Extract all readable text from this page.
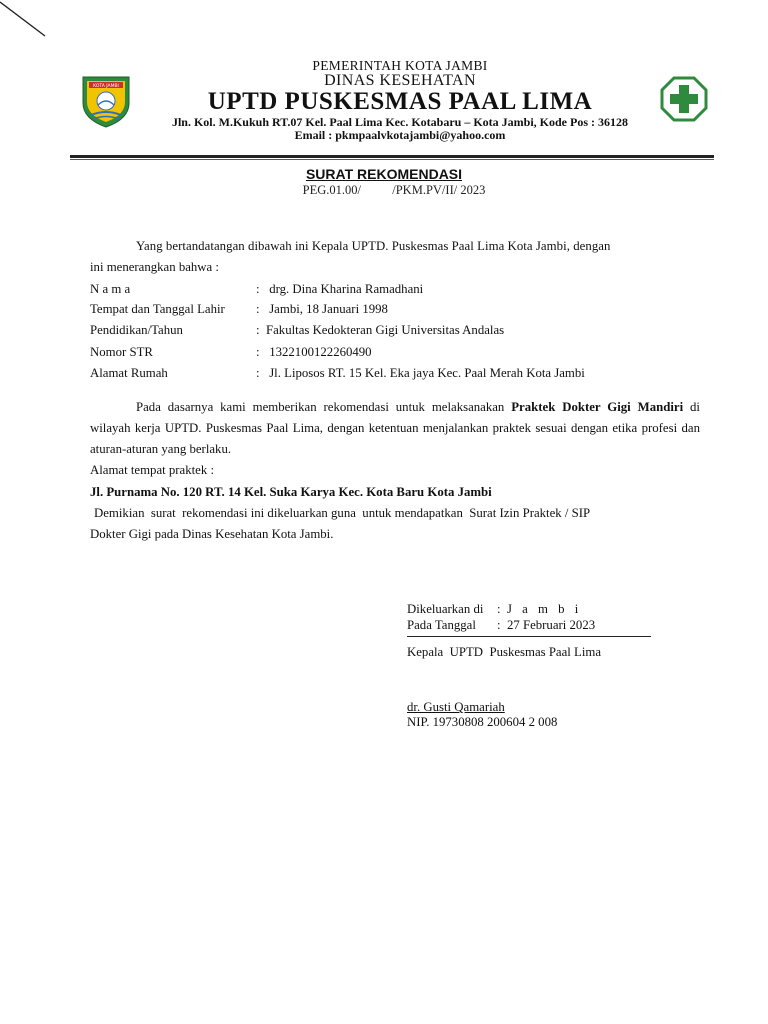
KOTA JAMBI
PEMERINTAH KOTA JAMBI
DINAS KESEHATAN
UPTD PUSKESMAS PAAL LIMA
Jln. Kol. M.Kukuh RT.07 Kel. Paal Lima Kec. Kotabaru – Kota Jambi, Kode Pos : 36128
Email : pkmpaalvkotajambi@yahoo.com
SURAT REKOMENDASI
PEG.01.00/          /PKM.PV/II/ 2023
Yang bertandatangan dibawah ini Kepala UPTD. Puskesmas Paal Lima Kota Jambi, dengan
ini menerangkan bahwa :
N a m a	: drg. Dina Kharina Ramadhani
Tempat dan Tanggal Lahir : Jambi, 18 Januari 1998
Pendidikan/Tahun	: Fakultas Kedokteran Gigi Universitas Andalas
Nomor STR	: 1322100122260490
Alamat Rumah	: Jl. Liposos RT. 15 Kel. Eka jaya Kec. Paal Merah Kota Jambi
Pada dasarnya kami memberikan rekomendasi untuk melaksanakan Praktek Dokter Gigi Mandiri di wilayah kerja UPTD. Puskesmas Paal Lima, dengan ketentuan menjalankan praktek sesuai dengan etika profesi dan aturan-aturan yang berlaku.
Alamat tempat praktek :
Jl. Purnama No. 120 RT. 14 Kel. Suka Karya Kec. Kota Baru Kota Jambi
Demikian  surat  rekomendasi ini dikeluarkan guna  untuk mendapatkan  Surat Izin Praktek / SIP
Dokter Gigi pada Dinas Kesehatan Kota Jambi.
Dikeluarkan di :  J a m b i
Pada Tanggal :  27 Februari 2023
Kepala  UPTD  Puskesmas Paal Lima
dr. Gusti Qamariah
NIP. 19730808 200604 2 008
